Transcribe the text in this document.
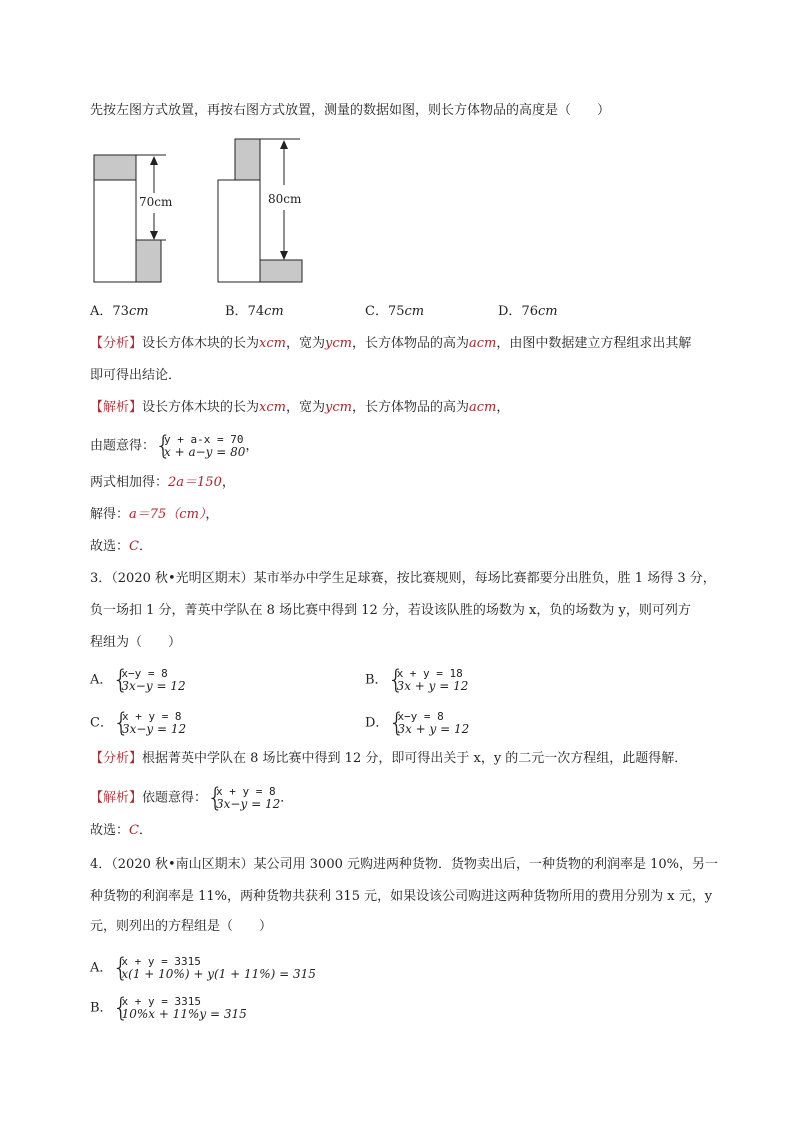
先按左图方式放置，再按右图方式放置，测量的数据如图，则长方体物品的高度是（　　）
70cm	80cm
A．73cm	B．74cm	C．75cm	D．76cm
【分析】设长方体木块的长为xcm，宽为ycm，长方体物品的高为acm，由图中数据建立方程组求出其解
即可得出结论．
【解析】设长方体木块的长为xcm，宽为ycm，长方体物品的高为acm，
由题意得： {
y + a-x = 70
x + a−y = 80 ，
两式相加得：2a＝150，
解得：a＝75（cm），
故选：C．
3．（2020 秋•光明区期末）某市举办中学生足球赛，按比赛规则，每场比赛都要分出胜负，胜 1 场得 3 分，
负一场扣 1 分，菁英中学队在 8 场比赛中得到 12 分，若设该队胜的场数为 x，负的场数为 y，则可列方
程组为（　　）
A． {
x−y = 8
3x−y = 12	B． {
x + y = 18
3x + y = 12
C． {
x + y = 8
3x−y = 12	D． {
x−y = 8
3x + y = 12
【分析】根据菁英中学队在 8 场比赛中得到 12 分，即可得出关于 x，y 的二元一次方程组，此题得解．
【解析】依题意得： {
x + y = 8
3x−y = 12 ．
故选：C．
4．（2020 秋•南山区期末）某公司用 3000 元购进两种货物．货物卖出后，一种货物的利润率是 10%，另一
种货物的利润率是 11%，两种货物共获利 315 元，如果设该公司购进这两种货物所用的费用分别为 x 元，y
元，则列出的方程组是（　　）
A． {
x + y = 3315
x(1 + 10%) + y(1 + 11%) = 315
B． {
x + y = 3315
10%x + 11%y = 315
